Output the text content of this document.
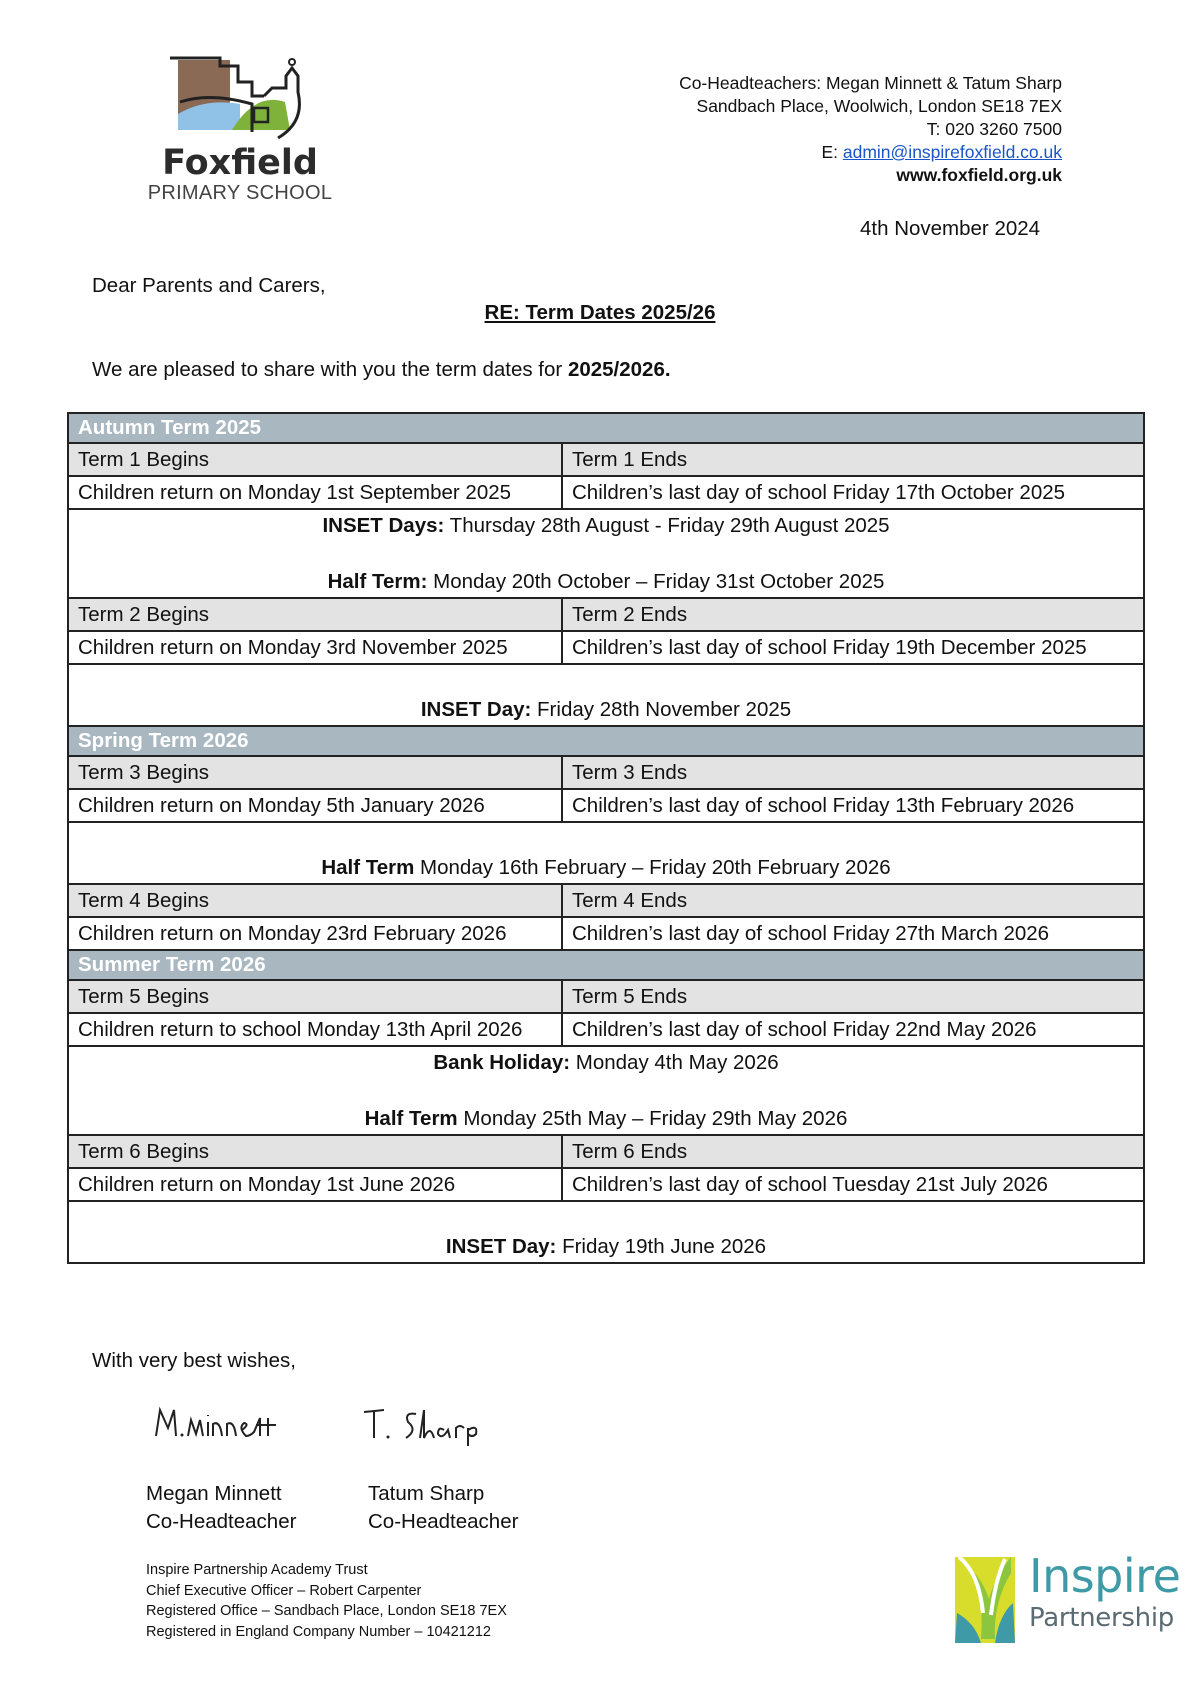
Foxfield
PRIMARY SCHOOL
Co-Headteachers: Megan Minnett & Tatum Sharp
Sandbach Place, Woolwich, London SE18 7EX
T: 020 3260 7500
E: admin@inspirefoxfield.co.uk
www.foxfield.org.uk
4th November 2024
Dear Parents and Carers,
RE: Term Dates 2025/26
We are pleased to share with you the term dates for 2025/2026.
Autumn Term 2025	
Term 1 Begins	Term 1 Ends
Children return on Monday 1st September 2025	Children’s last day of school Friday 17th October 2025

INSET Days: Thursday 28th August - Friday 29th August 2025
Half Term: Monday 20th October – Friday 31st October 2025	

Term 2 Begins	Term 2 Ends
Children return on Monday 3rd November 2025	Children’s last day of school Friday 19th December 2025

INSET Day: Friday 28th November 2025	

Spring Term 2026	
Term 3 Begins	Term 3 Ends
Children return on Monday 5th January 2026	Children’s last day of school Friday 13th February 2026

Half Term Monday 16th February – Friday 20th February 2026	

Term 4 Begins	Term 4 Ends
Children return on Monday 23rd February 2026	Children’s last day of school Friday 27th March 2026
Summer Term 2026	
Term 5 Begins	Term 5 Ends
Children return to school Monday 13th April 2026	Children’s last day of school Friday 22nd May 2026

Bank Holiday: Monday 4th May 2026
Half Term Monday 25th May – Friday 29th May 2026	

Term 6 Begins	Term 6 Ends
Children return on Monday 1st June 2026	Children’s last day of school Tuesday 21st July 2026

INSET Day: Friday 19th June 2026	
With very best wishes,
Megan Minnett
Co-Headteacher
Tatum Sharp
Co-Headteacher
Inspire Partnership Academy Trust
Chief Executive Officer – Robert Carpenter
Registered Office – Sandbach Place, London SE18 7EX
Registered in England Company Number – 10421212
Inspire
Partnership
